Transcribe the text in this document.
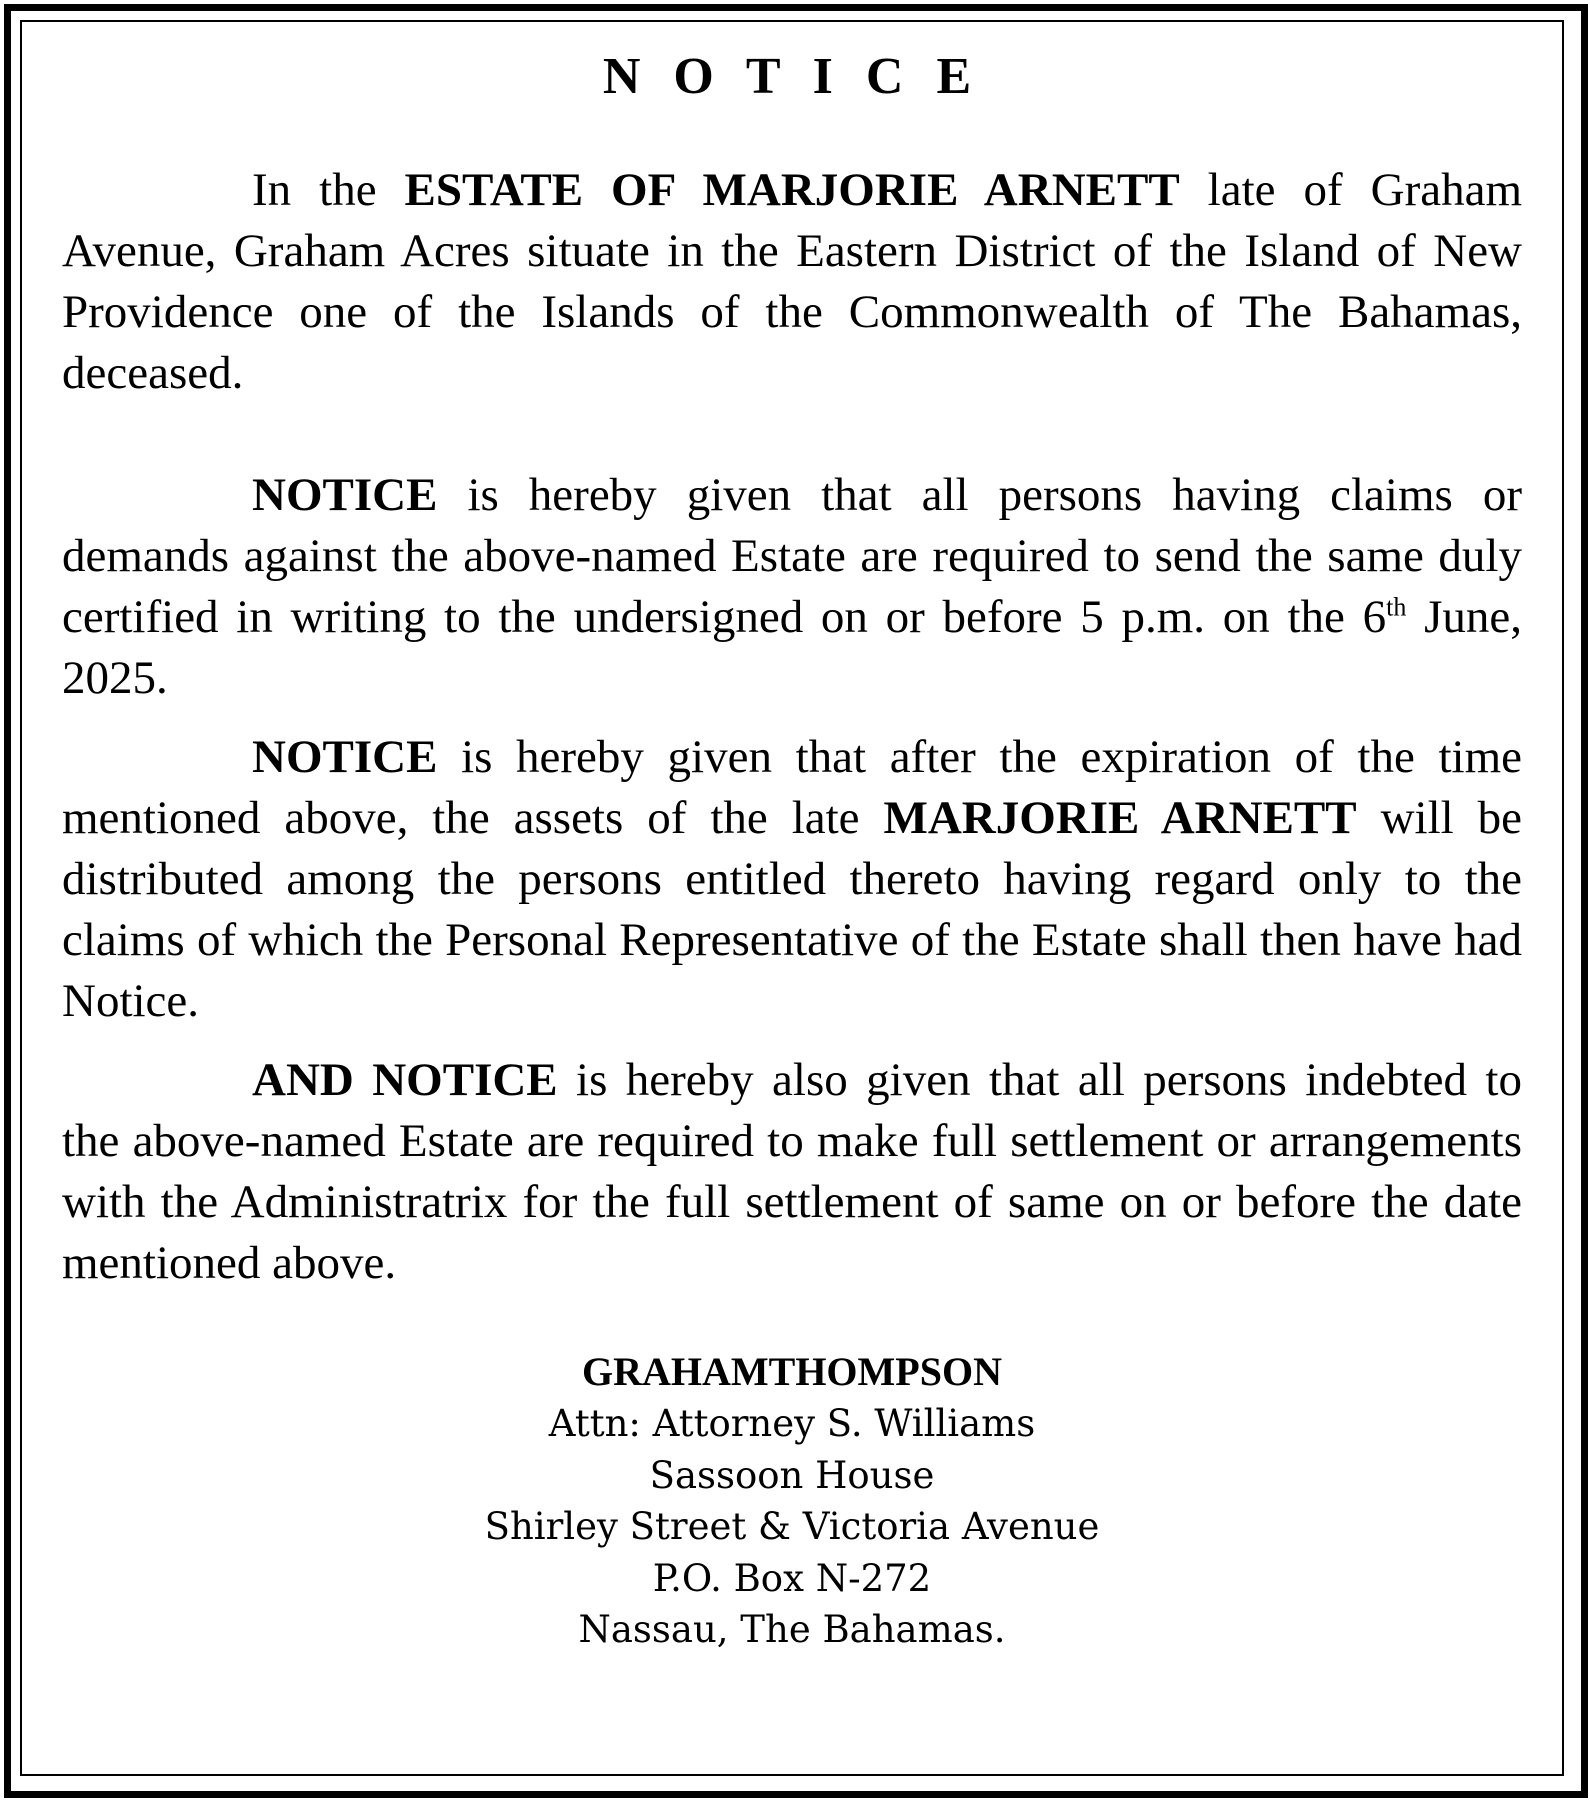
N O T I C E

In the ESTATE OF MARJORIE ARNETT late of Graham Avenue, Graham Acres situate in the Eastern District of the Island of New Providence one of the Islands of the Commonwealth of The Bahamas, deceased.

NOTICE is hereby given that all persons having claims or demands against the above-named Estate are required to send the same duly certified in writing to the undersigned on or before 5 p.m. on the 6th June, 2025.

NOTICE is hereby given that after the expiration of the time mentioned above, the assets of the late MARJORIE ARNETT will be distributed among the persons entitled thereto having regard only to the claims of which the Personal Representative of the Estate shall then have had Notice.

AND NOTICE is hereby also given that all persons indebted to the above-named Estate are required to make full settlement or arrangements with the Administratrix for the full settlement of same on or before the date mentioned above.

GRAHAMTHOMPSON
Attn: Attorney S. Williams
Sassoon House
Shirley Street & Victoria Avenue
P.O. Box N-272
Nassau, The Bahamas.
